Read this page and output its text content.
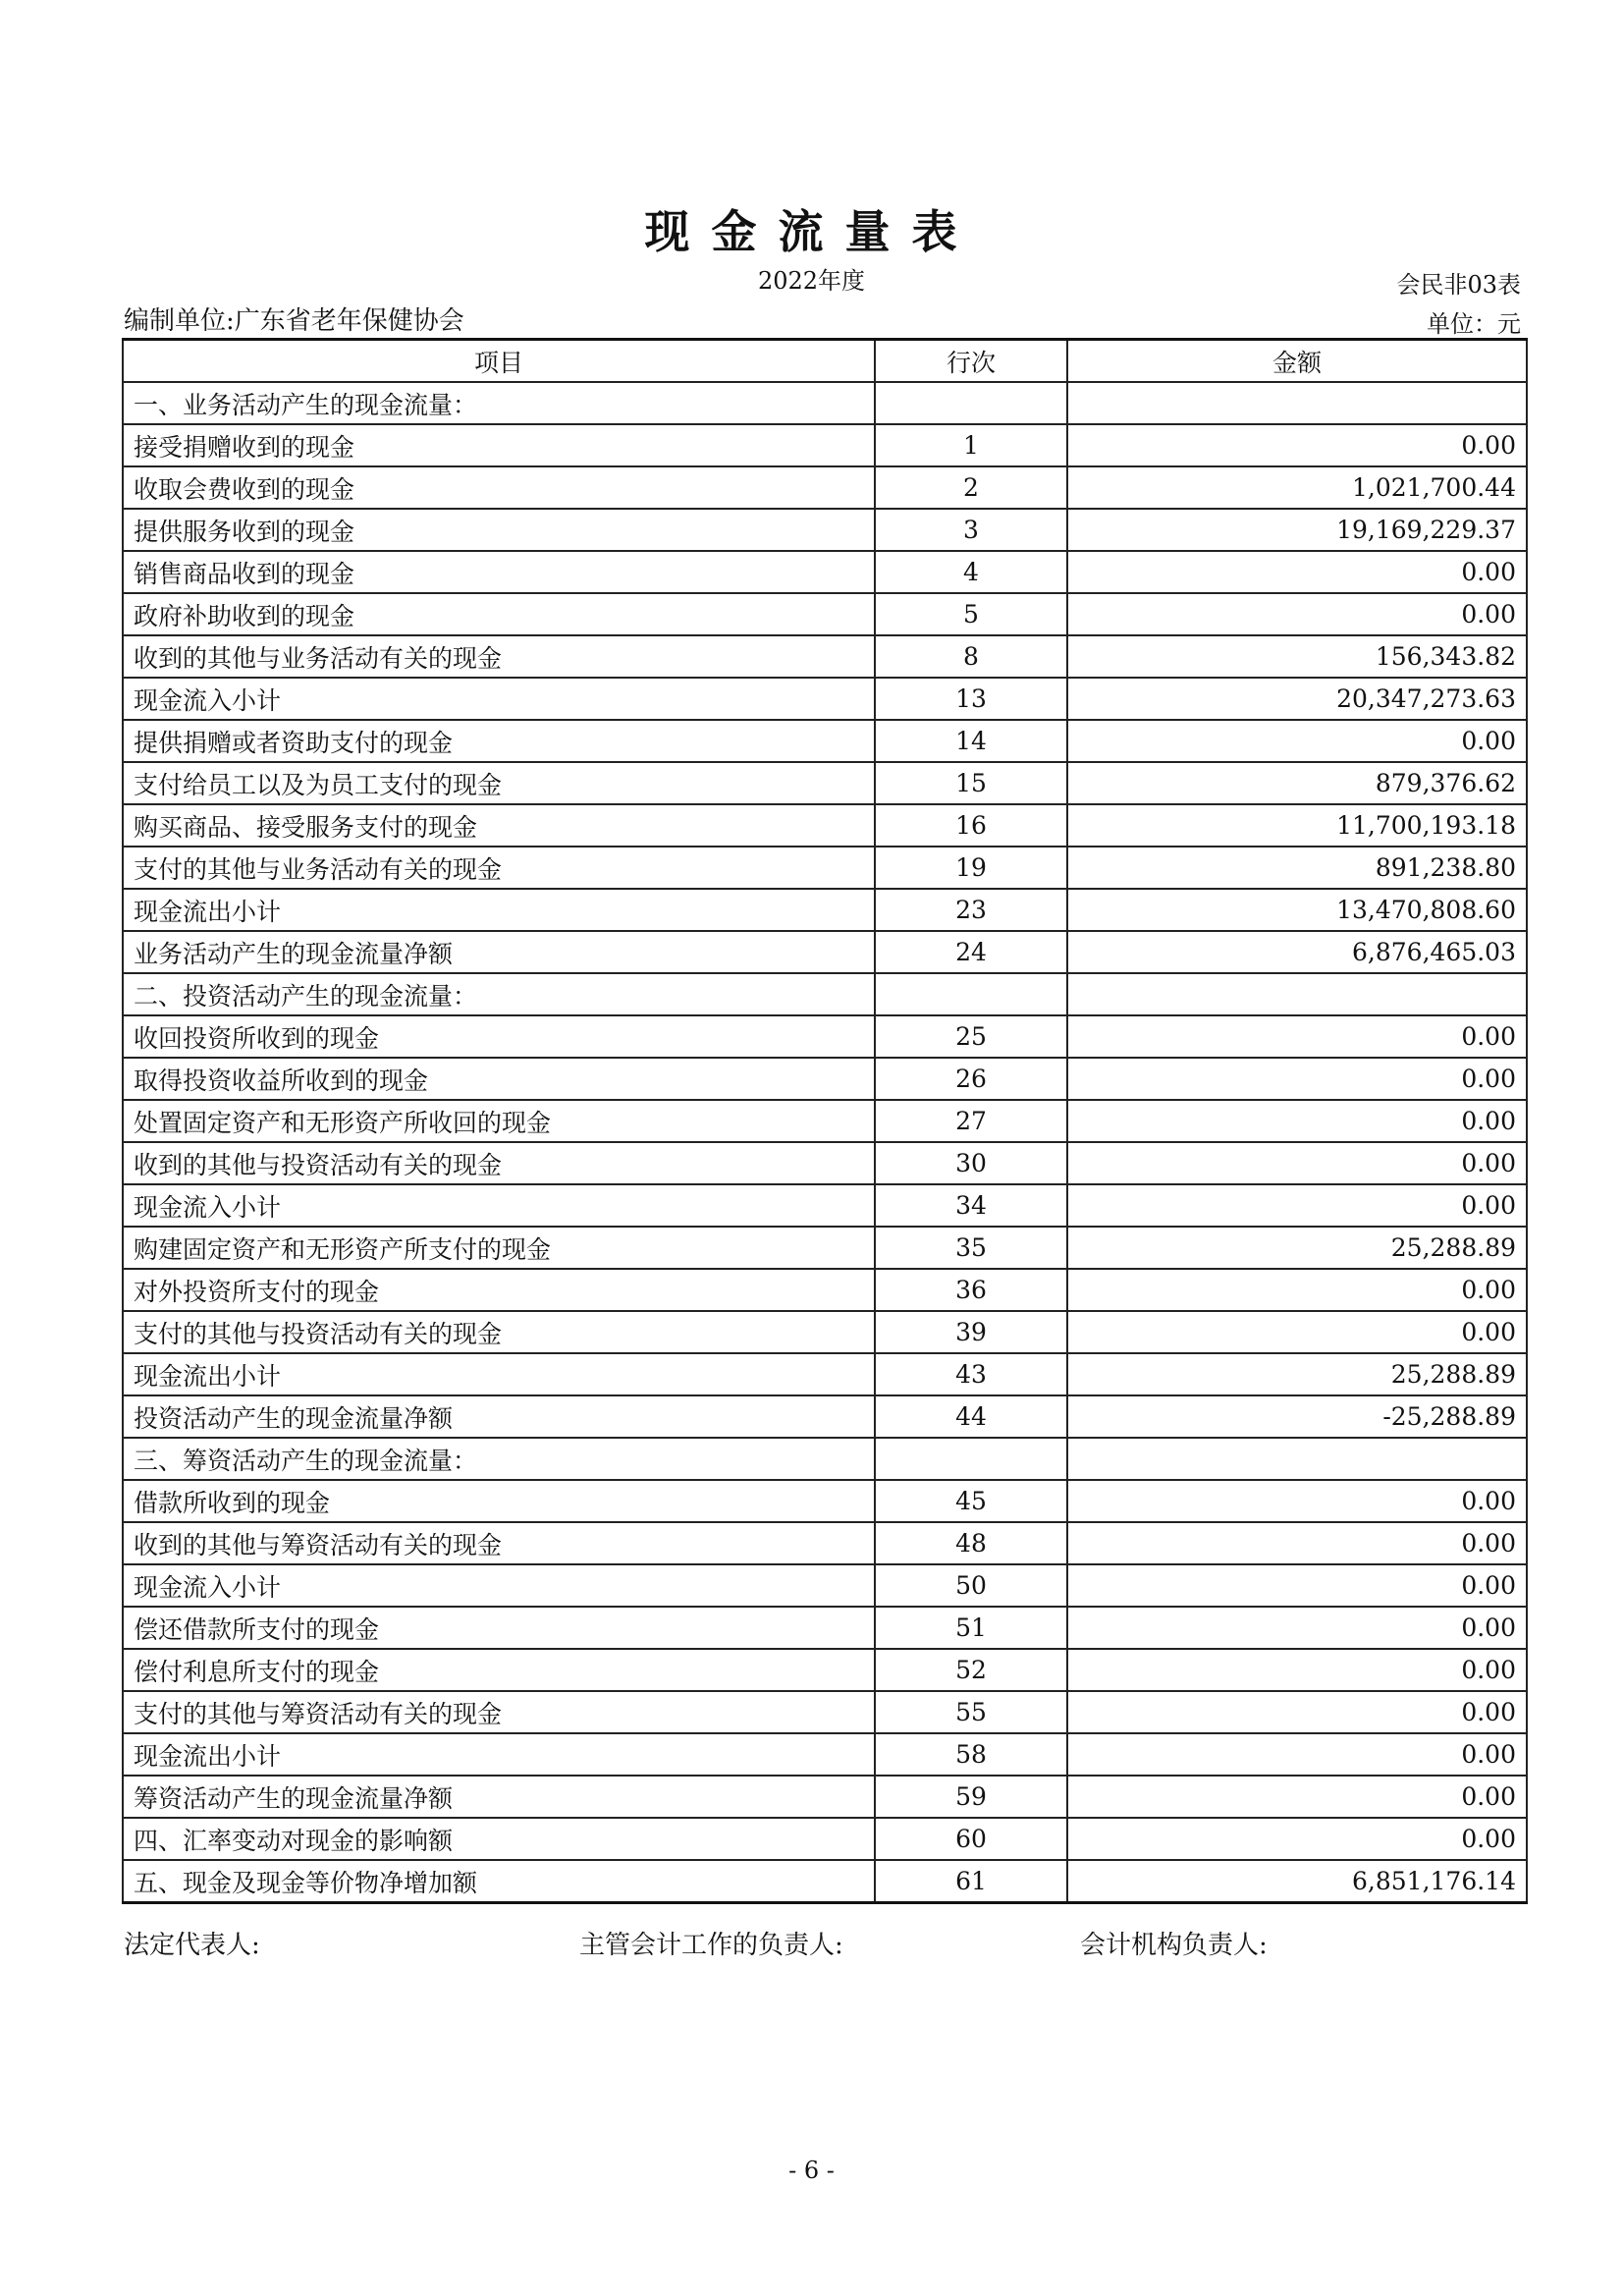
现金流量表
2022年度	会民非03表
编制单位:广东省老年保健协会	单位：元
项目	行次	金额
一、业务活动产生的现金流量：		
接受捐赠收到的现金	1	0.00
收取会费收到的现金	2	1,021,700.44
提供服务收到的现金	3	19,169,229.37
销售商品收到的现金	4	0.00
政府补助收到的现金	5	0.00
收到的其他与业务活动有关的现金	8	156,343.82
现金流入小计	13	20,347,273.63
提供捐赠或者资助支付的现金	14	0.00
支付给员工以及为员工支付的现金	15	879,376.62
购买商品、接受服务支付的现金	16	11,700,193.18
支付的其他与业务活动有关的现金	19	891,238.80
现金流出小计	23	13,470,808.60
业务活动产生的现金流量净额	24	6,876,465.03
二、投资活动产生的现金流量：		
收回投资所收到的现金	25	0.00
取得投资收益所收到的现金	26	0.00
处置固定资产和无形资产所收回的现金	27	0.00
收到的其他与投资活动有关的现金	30	0.00
现金流入小计	34	0.00
购建固定资产和无形资产所支付的现金	35	25,288.89
对外投资所支付的现金	36	0.00
支付的其他与投资活动有关的现金	39	0.00
现金流出小计	43	25,288.89
投资活动产生的现金流量净额	44	-25,288.89
三、筹资活动产生的现金流量：		
借款所收到的现金	45	0.00
收到的其他与筹资活动有关的现金	48	0.00
现金流入小计	50	0.00
偿还借款所支付的现金	51	0.00
偿付利息所支付的现金	52	0.00
支付的其他与筹资活动有关的现金	55	0.00
现金流出小计	58	0.00
筹资活动产生的现金流量净额	59	0.00
四、汇率变动对现金的影响额	60	0.00
五、现金及现金等价物净增加额	61	6,851,176.14
法定代表人:	主管会计工作的负责人:	会计机构负责人:
- 6 -
